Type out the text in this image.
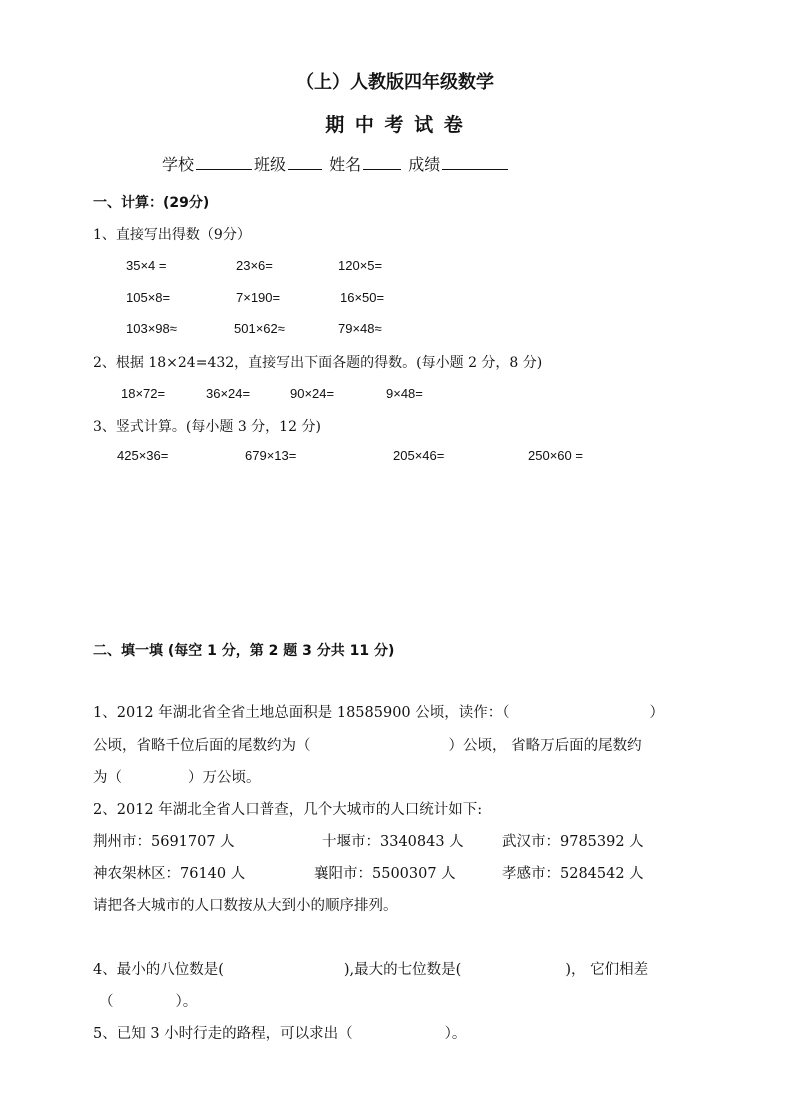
（上）人教版四年级数学
期 中 考 试 卷
学校	班级	姓名	成绩
一、计算：(29分)
1、直接写出得数（9分）
35×4 =	23×6=	120×5=
105×8=	7×190=	16×50=
103×98≈	501×62≈	79×48≈
2、根据 18×24=432，直接写出下面各题的得数。(每小题 2 分，8 分)
18×72=	36×24=	90×24=	9×48=
3、竖式计算。(每小题 3 分，12 分)
425×36=	679×13=	205×46=	250×60 =
二、填一填 (每空 1 分，第 2 题 3 分共 11 分)
1、2012 年湖北省全省土地总面积是 18585900 公顷，读作：（	）
公顷，省略千位后面的尾数约为（	）公顷， 省略万后面的尾数约
为（	）万公顷。
2、2012 年湖北全省人口普查，几个大城市的人口统计如下:
荆州市：5691707 人	十堰市：3340843 人	武汉市：9785392 人
神农架林区：76140 人	襄阳市：5500307 人	孝感市：5284542 人
请把各大城市的人口数按从大到小的顺序排列。
4、最小的八位数是(	),最大的七位数是(	)， 它们相差
（	）。
5、已知 3 小时行走的路程，可以求出（	）。
